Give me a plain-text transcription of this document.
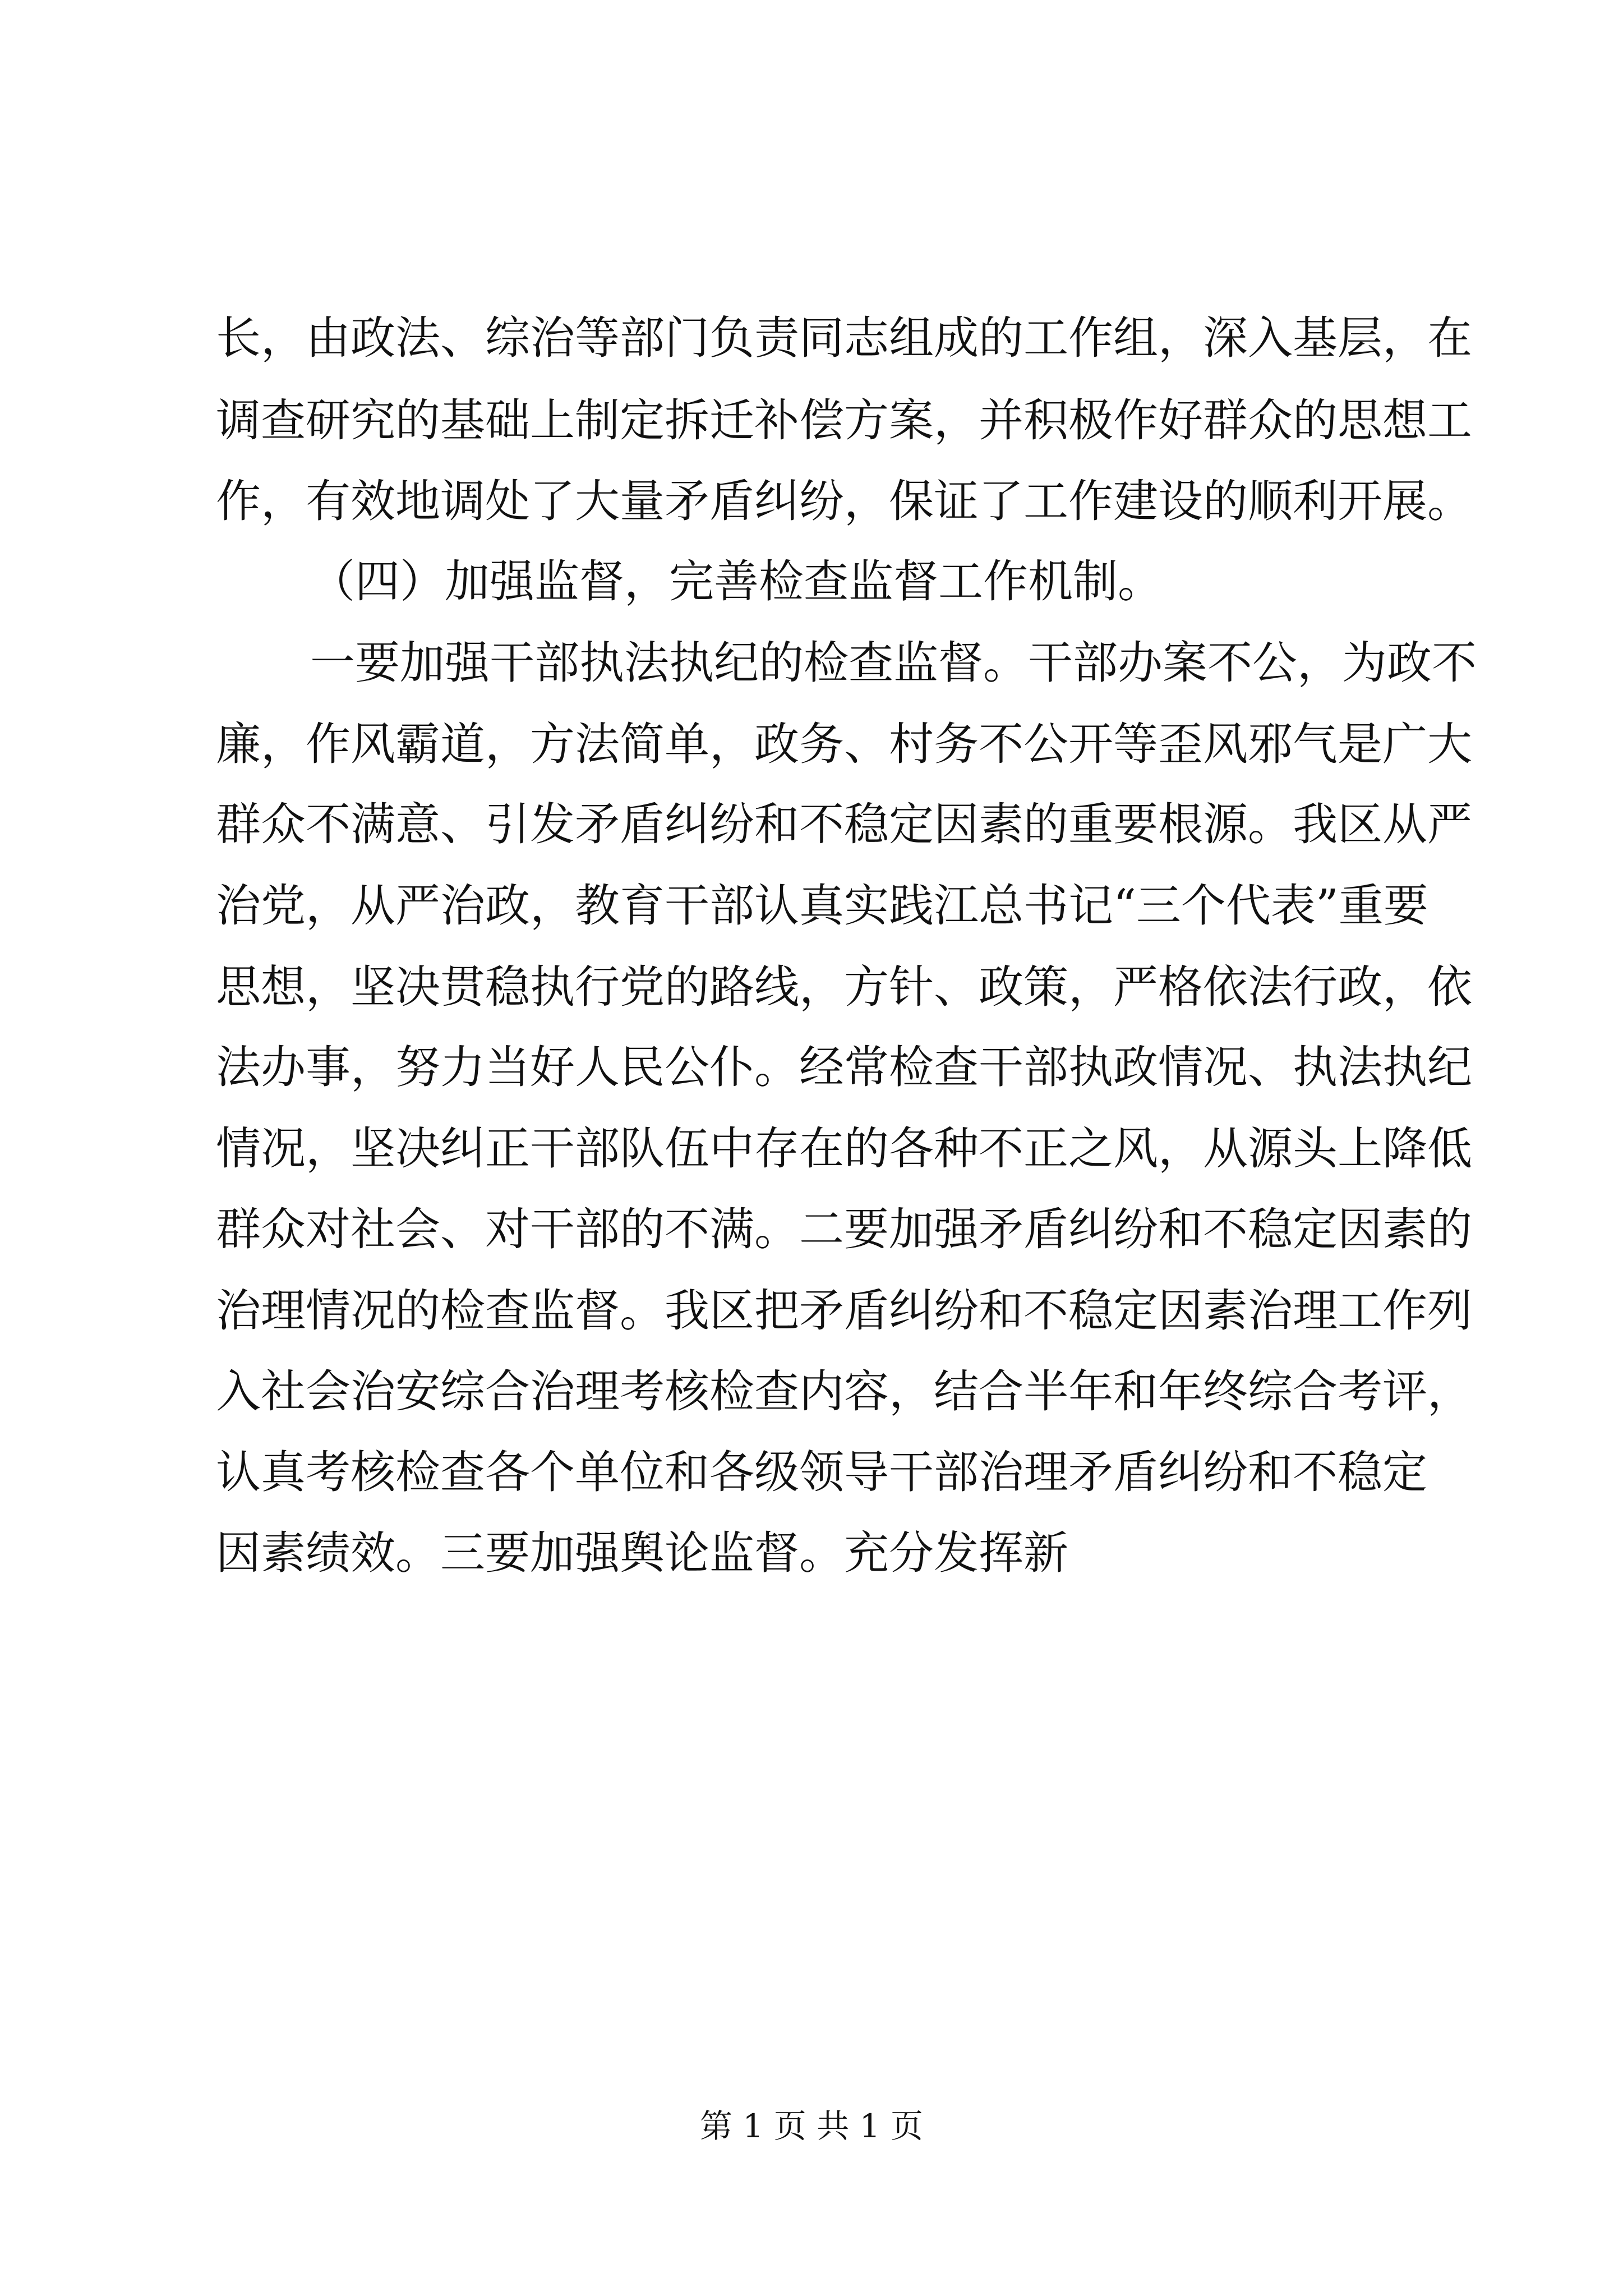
长，由政法、综治等部门负责同志组成的工作组，深入基层，在
调查研究的基础上制定拆迁补偿方案，并积极作好群众的思想工
作，有效地调处了大量矛盾纠纷，保证了工作建设的顺利开展。
（四）加强监督，完善检查监督工作机制。
一要加强干部执法执纪的检查监督。干部办案不公，为政不
廉，作风霸道，方法简单，政务、村务不公开等歪风邪气是广大
群众不满意、引发矛盾纠纷和不稳定因素的重要根源。我区从严
治党，从严治政，教育干部认真实践江总书记“三个代表”重要
思想，坚决贯稳执行党的路线，方针、政策，严格依法行政，依
法办事，努力当好人民公仆。经常检查干部执政情况、执法执纪
情况，坚决纠正干部队伍中存在的各种不正之风，从源头上降低
群众对社会、对干部的不满。二要加强矛盾纠纷和不稳定因素的
治理情况的检查监督。我区把矛盾纠纷和不稳定因素治理工作列
入社会治安综合治理考核检查内容，结合半年和年终综合考评，
认真考核检查各个单位和各级领导干部治理矛盾纠纷和不稳定
因素绩效。三要加强舆论监督。充分发挥新
第 1 页 共 1 页
